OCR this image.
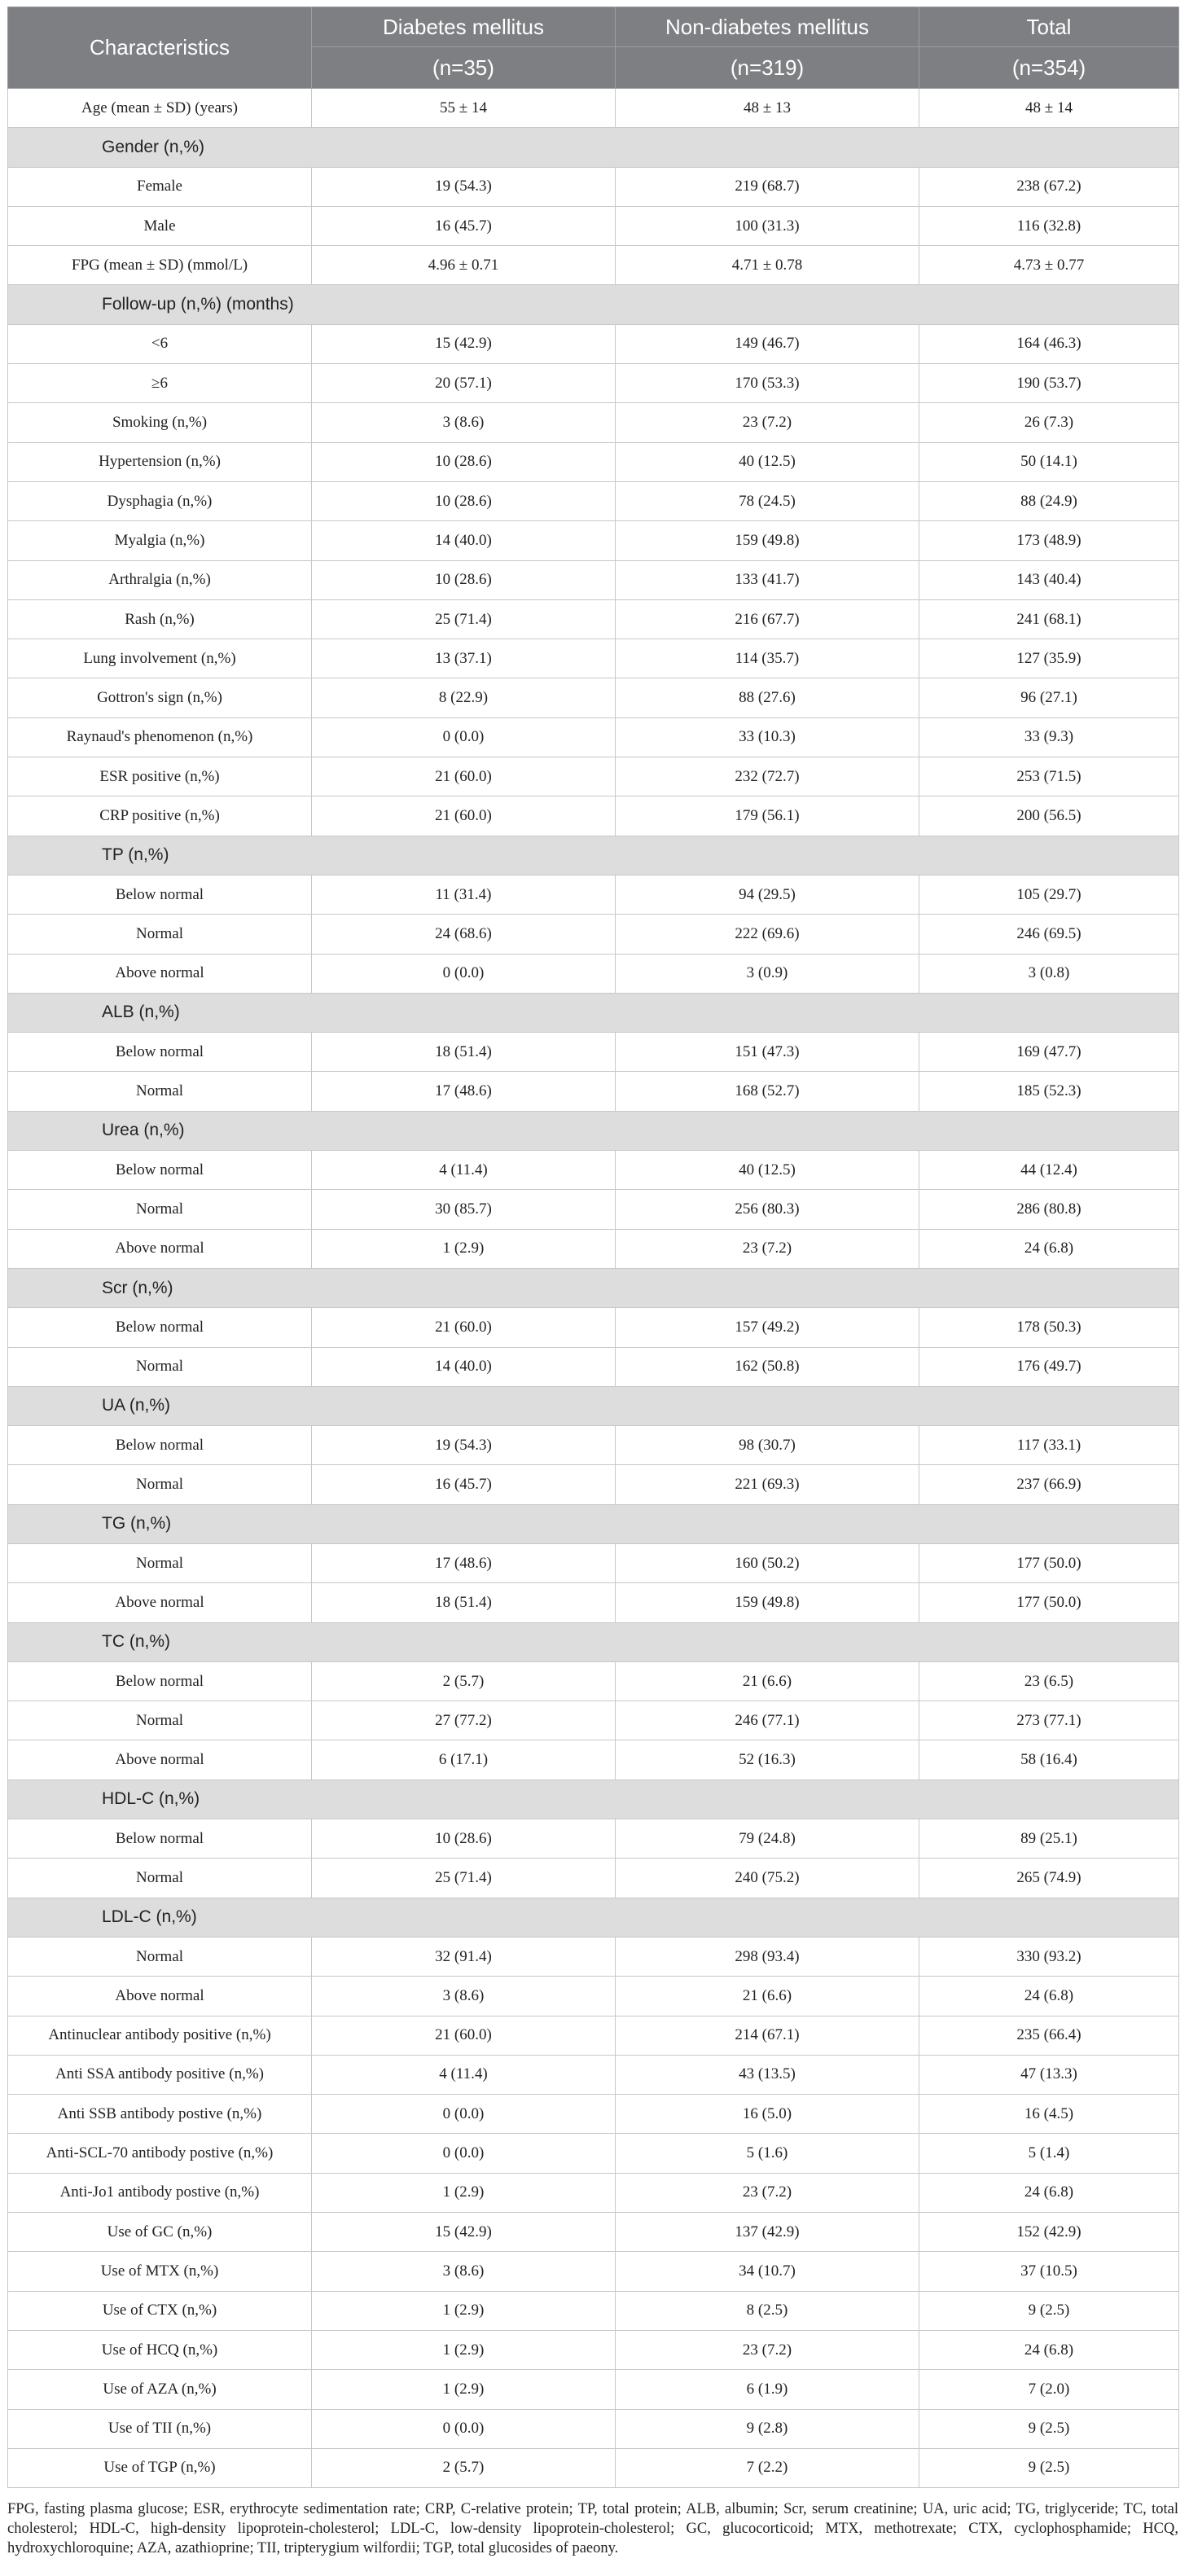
Characteristics	Diabetes mellitus	Non-diabetes mellitus	Total
	(n=35)	(n=319)	(n=354)
Age (mean ± SD) (years)	55 ± 14	48 ± 13	48 ± 14
Gender (n,%)			
Female	19 (54.3)	219 (68.7)	238 (67.2)
Male	16 (45.7)	100 (31.3)	116 (32.8)
FPG (mean ± SD) (mmol/L)	4.96 ± 0.71	4.71 ± 0.78	4.73 ± 0.77
Follow-up (n,%) (months)			
<6	15 (42.9)	149 (46.7)	164 (46.3)
≥6	20 (57.1)	170 (53.3)	190 (53.7)
Smoking (n,%)	3 (8.6)	23 (7.2)	26 (7.3)
Hypertension (n,%)	10 (28.6)	40 (12.5)	50 (14.1)
Dysphagia (n,%)	10 (28.6)	78 (24.5)	88 (24.9)
Myalgia (n,%)	14 (40.0)	159 (49.8)	173 (48.9)
Arthralgia (n,%)	10 (28.6)	133 (41.7)	143 (40.4)
Rash (n,%)	25 (71.4)	216 (67.7)	241 (68.1)
Lung involvement (n,%)	13 (37.1)	114 (35.7)	127 (35.9)
Gottron's sign (n,%)	8 (22.9)	88 (27.6)	96 (27.1)
Raynaud's phenomenon (n,%)	0 (0.0)	33 (10.3)	33 (9.3)
ESR positive (n,%)	21 (60.0)	232 (72.7)	253 (71.5)
CRP positive (n,%)	21 (60.0)	179 (56.1)	200 (56.5)
TP (n,%)			
Below normal	11 (31.4)	94 (29.5)	105 (29.7)
Normal	24 (68.6)	222 (69.6)	246 (69.5)
Above normal	0 (0.0)	3 (0.9)	3 (0.8)
ALB (n,%)			
Below normal	18 (51.4)	151 (47.3)	169 (47.7)
Normal	17 (48.6)	168 (52.7)	185 (52.3)
Urea (n,%)			
Below normal	4 (11.4)	40 (12.5)	44 (12.4)
Normal	30 (85.7)	256 (80.3)	286 (80.8)
Above normal	1 (2.9)	23 (7.2)	24 (6.8)
Scr (n,%)			
Below normal	21 (60.0)	157 (49.2)	178 (50.3)
Normal	14 (40.0)	162 (50.8)	176 (49.7)
UA (n,%)			
Below normal	19 (54.3)	98 (30.7)	117 (33.1)
Normal	16 (45.7)	221 (69.3)	237 (66.9)
TG (n,%)			
Normal	17 (48.6)	160 (50.2)	177 (50.0)
Above normal	18 (51.4)	159 (49.8)	177 (50.0)
TC (n,%)			
Below normal	2 (5.7)	21 (6.6)	23 (6.5)
Normal	27 (77.2)	246 (77.1)	273 (77.1)
Above normal	6 (17.1)	52 (16.3)	58 (16.4)
HDL-C (n,%)			
Below normal	10 (28.6)	79 (24.8)	89 (25.1)
Normal	25 (71.4)	240 (75.2)	265 (74.9)
LDL-C (n,%)			
Normal	32 (91.4)	298 (93.4)	330 (93.2)
Above normal	3 (8.6)	21 (6.6)	24 (6.8)
Antinuclear antibody positive (n,%)	21 (60.0)	214 (67.1)	235 (66.4)
Anti SSA antibody positive (n,%)	4 (11.4)	43 (13.5)	47 (13.3)
Anti SSB antibody postive (n,%)	0 (0.0)	16 (5.0)	16 (4.5)
Anti-SCL-70 antibody postive (n,%)	0 (0.0)	5 (1.6)	5 (1.4)
Anti-Jo1 antibody postive (n,%)	1 (2.9)	23 (7.2)	24 (6.8)
Use of GC (n,%)	15 (42.9)	137 (42.9)	152 (42.9)
Use of MTX (n,%)	3 (8.6)	34 (10.7)	37 (10.5)
Use of CTX (n,%)	1 (2.9)	8 (2.5)	9 (2.5)
Use of HCQ (n,%)	1 (2.9)	23 (7.2)	24 (6.8)
Use of AZA (n,%)	1 (2.9)	6 (1.9)	7 (2.0)
Use of TII (n,%)	0 (0.0)	9 (2.8)	9 (2.5)
Use of TGP (n,%)	2 (5.7)	7 (2.2)	9 (2.5)
FPG, fasting plasma glucose; ESR, erythrocyte sedimentation rate; CRP, C-relative protein; TP, total protein; ALB, albumin; Scr, serum creatinine; UA, uric acid; TG, triglyceride; TC, total cholesterol; HDL-C, high-density lipoprotein-cholesterol; LDL-C, low-density lipoprotein-cholesterol; GC, glucocorticoid; MTX, methotrexate; CTX, cyclophosphamide; HCQ, hydroxychloroquine; AZA, azathioprine; TII, tripterygium wilfordii; TGP, total glucosides of paeony.
